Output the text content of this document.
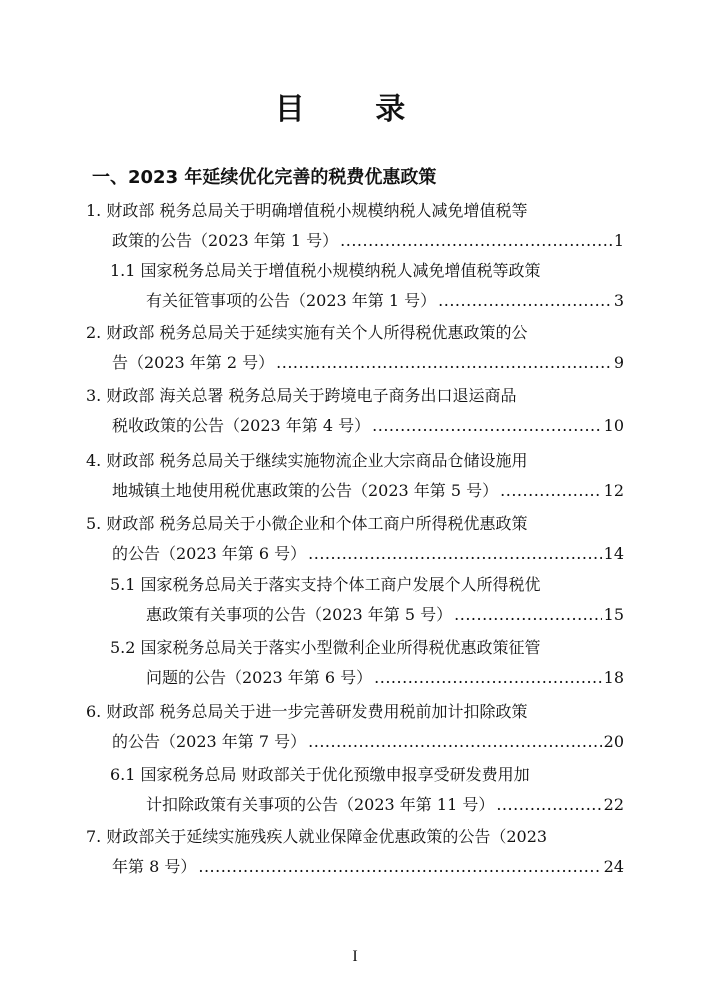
目 录
一、2023 年延续优化完善的税费优惠政策
1. 财政部 税务总局关于明确增值税小规模纳税人减免增值税等
政策的公告（2023 年第 1 号） .....	1
1.1 国家税务总局关于增值税小规模纳税人减免增值税等政策
有关征管事项的公告（2023 年第 1 号） .....	3
2. 财政部 税务总局关于延续实施有关个人所得税优惠政策的公
告（2023 年第 2 号） .....	9
3. 财政部 海关总署 税务总局关于跨境电子商务出口退运商品
税收政策的公告（2023 年第 4 号） .....	10
4. 财政部 税务总局关于继续实施物流企业大宗商品仓储设施用
地城镇土地使用税优惠政策的公告（2023 年第 5 号） .....	12
5. 财政部 税务总局关于小微企业和个体工商户所得税优惠政策
的公告（2023 年第 6 号） .....	14
5.1 国家税务总局关于落实支持个体工商户发展个人所得税优
惠政策有关事项的公告（2023 年第 5 号） .....	15
5.2 国家税务总局关于落实小型微利企业所得税优惠政策征管
问题的公告（2023 年第 6 号） .....	18
6. 财政部 税务总局关于进一步完善研发费用税前加计扣除政策
的公告（2023 年第 7 号） .....	20
6.1 国家税务总局 财政部关于优化预缴申报享受研发费用加
计扣除政策有关事项的公告（2023 年第 11 号） .....	22
7. 财政部关于延续实施残疾人就业保障金优惠政策的公告（2023
年第 8 号） .....	24
I
